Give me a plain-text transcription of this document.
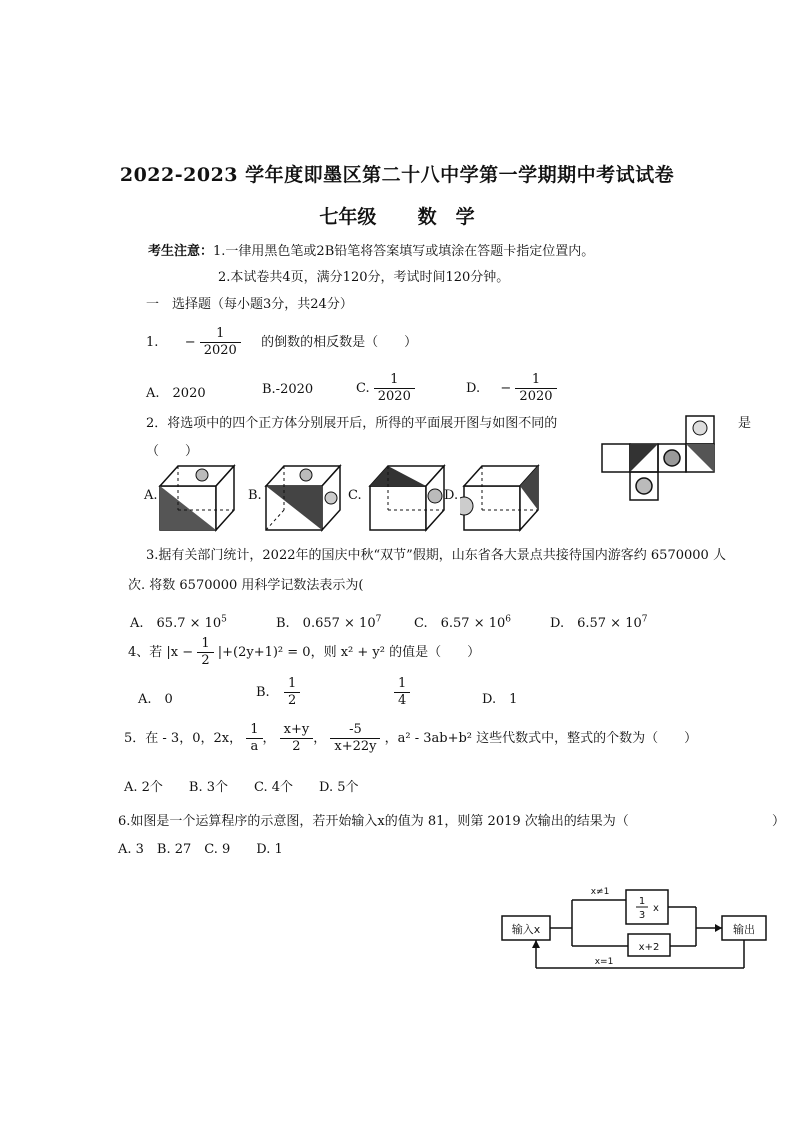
2022-2023 学年度即墨区第二十八中学第一学期期中考试试卷
七年级 数　学
考生注意：1.一律用黑色笔或2B铅笔将答案填写或填涂在答题卡指定位置内。
2.本试卷共4页，满分120分，考试时间120分钟。
一　选择题（每小题3分，共24分）
1. − $\frac{1}{2020}$ 的倒数的相反数是（　　）
A.　2020	B.-2020	C. $\frac{1}{2020}$	D. − $\frac{1}{2020}$
2．将选项中的四个正方体分别展开后，所得的平面展开图与如图不同的	是
（　　）
A.	B.	C.	D.
3.据有关部门统计，2022年的国庆中秋“双节”假期，山东省各大景点共接待国内游客约 6570000 人
次. 将数 6570000 用科学记数法表示为(
A.　$65.7 \times 10^5$	B.　$0.657 \times 10^7$	C.　$6.57 \times 10^6$	D.　$6.57 \times 10^7$
4、若 $|x - \frac{1}{2} |+(2y+1)^2 = 0$，则 x² + y² 的值是（　　）
A.　0	B. $\frac{1}{2}$	$\frac{1}{4}$	D.　1
5．在 - 3，0，2x， $\frac{1}{a}$ ， $\frac{x+y}{2}$ ， $\frac{-5}{x+22y}$ ，a² - 3ab+b² 这些代数式中，整式的个数为（　　）
A. 2个　　B. 3个　　C. 4个　　D. 5个
6.如图是一个运算程序的示意图，若开始输入x的值为 81，则第 2019 次输出的结果为（	）
A. 3　B. 27　C. 9　　D. 1
输入x	输出
x≠1
1
3
x
x+2
x=1
